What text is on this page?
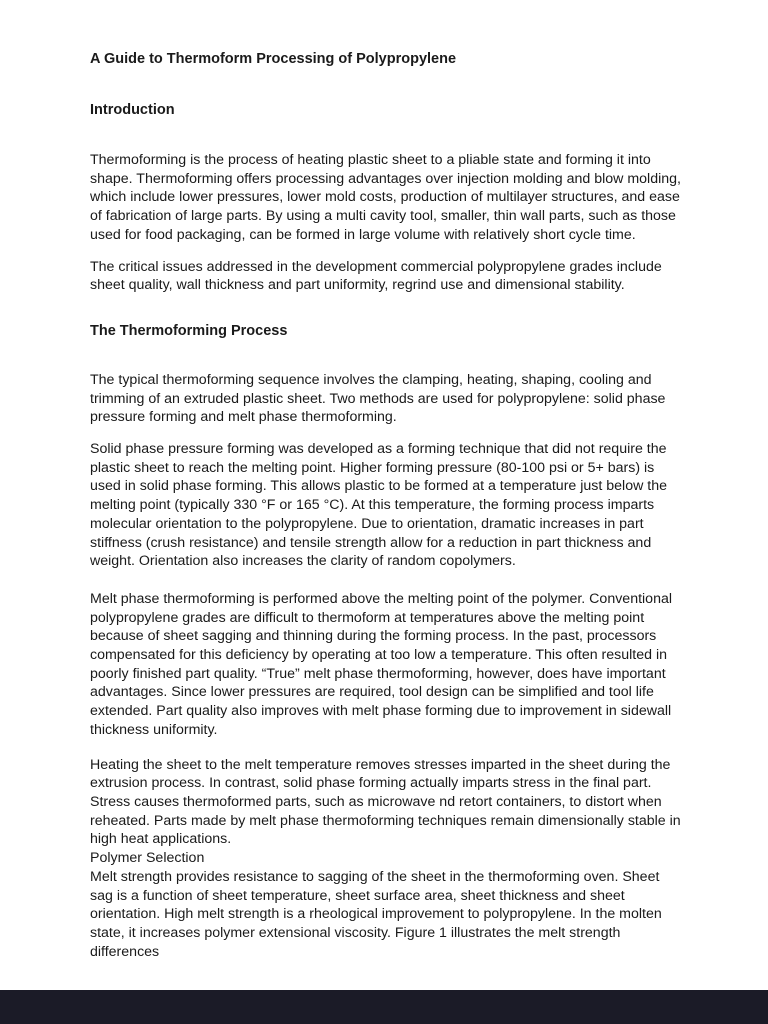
A Guide to Thermoform Processing of Polypropylene
Introduction

Thermoforming is the process of heating plastic sheet to a pliable state and forming it into shape. Thermoforming offers processing advantages over injection molding and blow molding, which include lower pressures, lower mold costs, production of multilayer structures, and ease of fabrication of large parts. By using a multi cavity tool, smaller, thin wall parts, such as those used for food packaging, can be formed in large volume with relatively short cycle time.

The critical issues addressed in the development commercial polypropylene grades include sheet quality, wall thickness and part uniformity, regrind use and dimensional stability.

The Thermoforming Process

The typical thermoforming sequence involves the clamping, heating, shaping, cooling and trimming of an extruded plastic sheet. Two methods are used for polypropylene: solid phase pressure forming and melt phase thermoforming.

Solid phase pressure forming was developed as a forming technique that did not require the plastic sheet to reach the melting point. Higher forming pressure (80-100 psi or 5+ bars) is used in solid phase forming. This allows plastic to be formed at a temperature just below the melting point (typically 330 °F or 165 °C). At this temperature, the forming process imparts molecular orientation to the polypropylene. Due to orientation, dramatic increases in part stiffness (crush resistance) and tensile strength allow for a reduction in part thickness and weight. Orientation also increases the clarity of random copolymers.

Melt phase thermoforming is performed above the melting point of the polymer. Conventional polypropylene grades are difficult to thermoform at temperatures above the melting point because of sheet sagging and thinning during the forming process. In the past, processors compensated for this deficiency by operating at too low a temperature. This often resulted in poorly finished part quality. “True” melt phase thermoforming, however, does have important advantages. Since lower pressures are required, tool design can be simplified and tool life extended. Part quality also improves with melt phase forming due to improvement in sidewall thickness uniformity.

Heating the sheet to the melt temperature removes stresses imparted in the sheet during the extrusion process. In contrast, solid phase forming actually imparts stress in the final part. Stress causes thermoformed parts, such as microwave nd retort containers, to distort when reheated. Parts made by melt phase thermoforming techniques remain dimensionally stable in high heat applications.

Polymer Selection

Melt strength provides resistance to sagging of the sheet in the thermoforming oven. Sheet sag is a function of sheet temperature, sheet surface area, sheet thickness and sheet orientation. High melt strength is a rheological improvement to polypropylene. In the molten state, it increases polymer extensional viscosity. Figure 1 illustrates the melt strength differences
